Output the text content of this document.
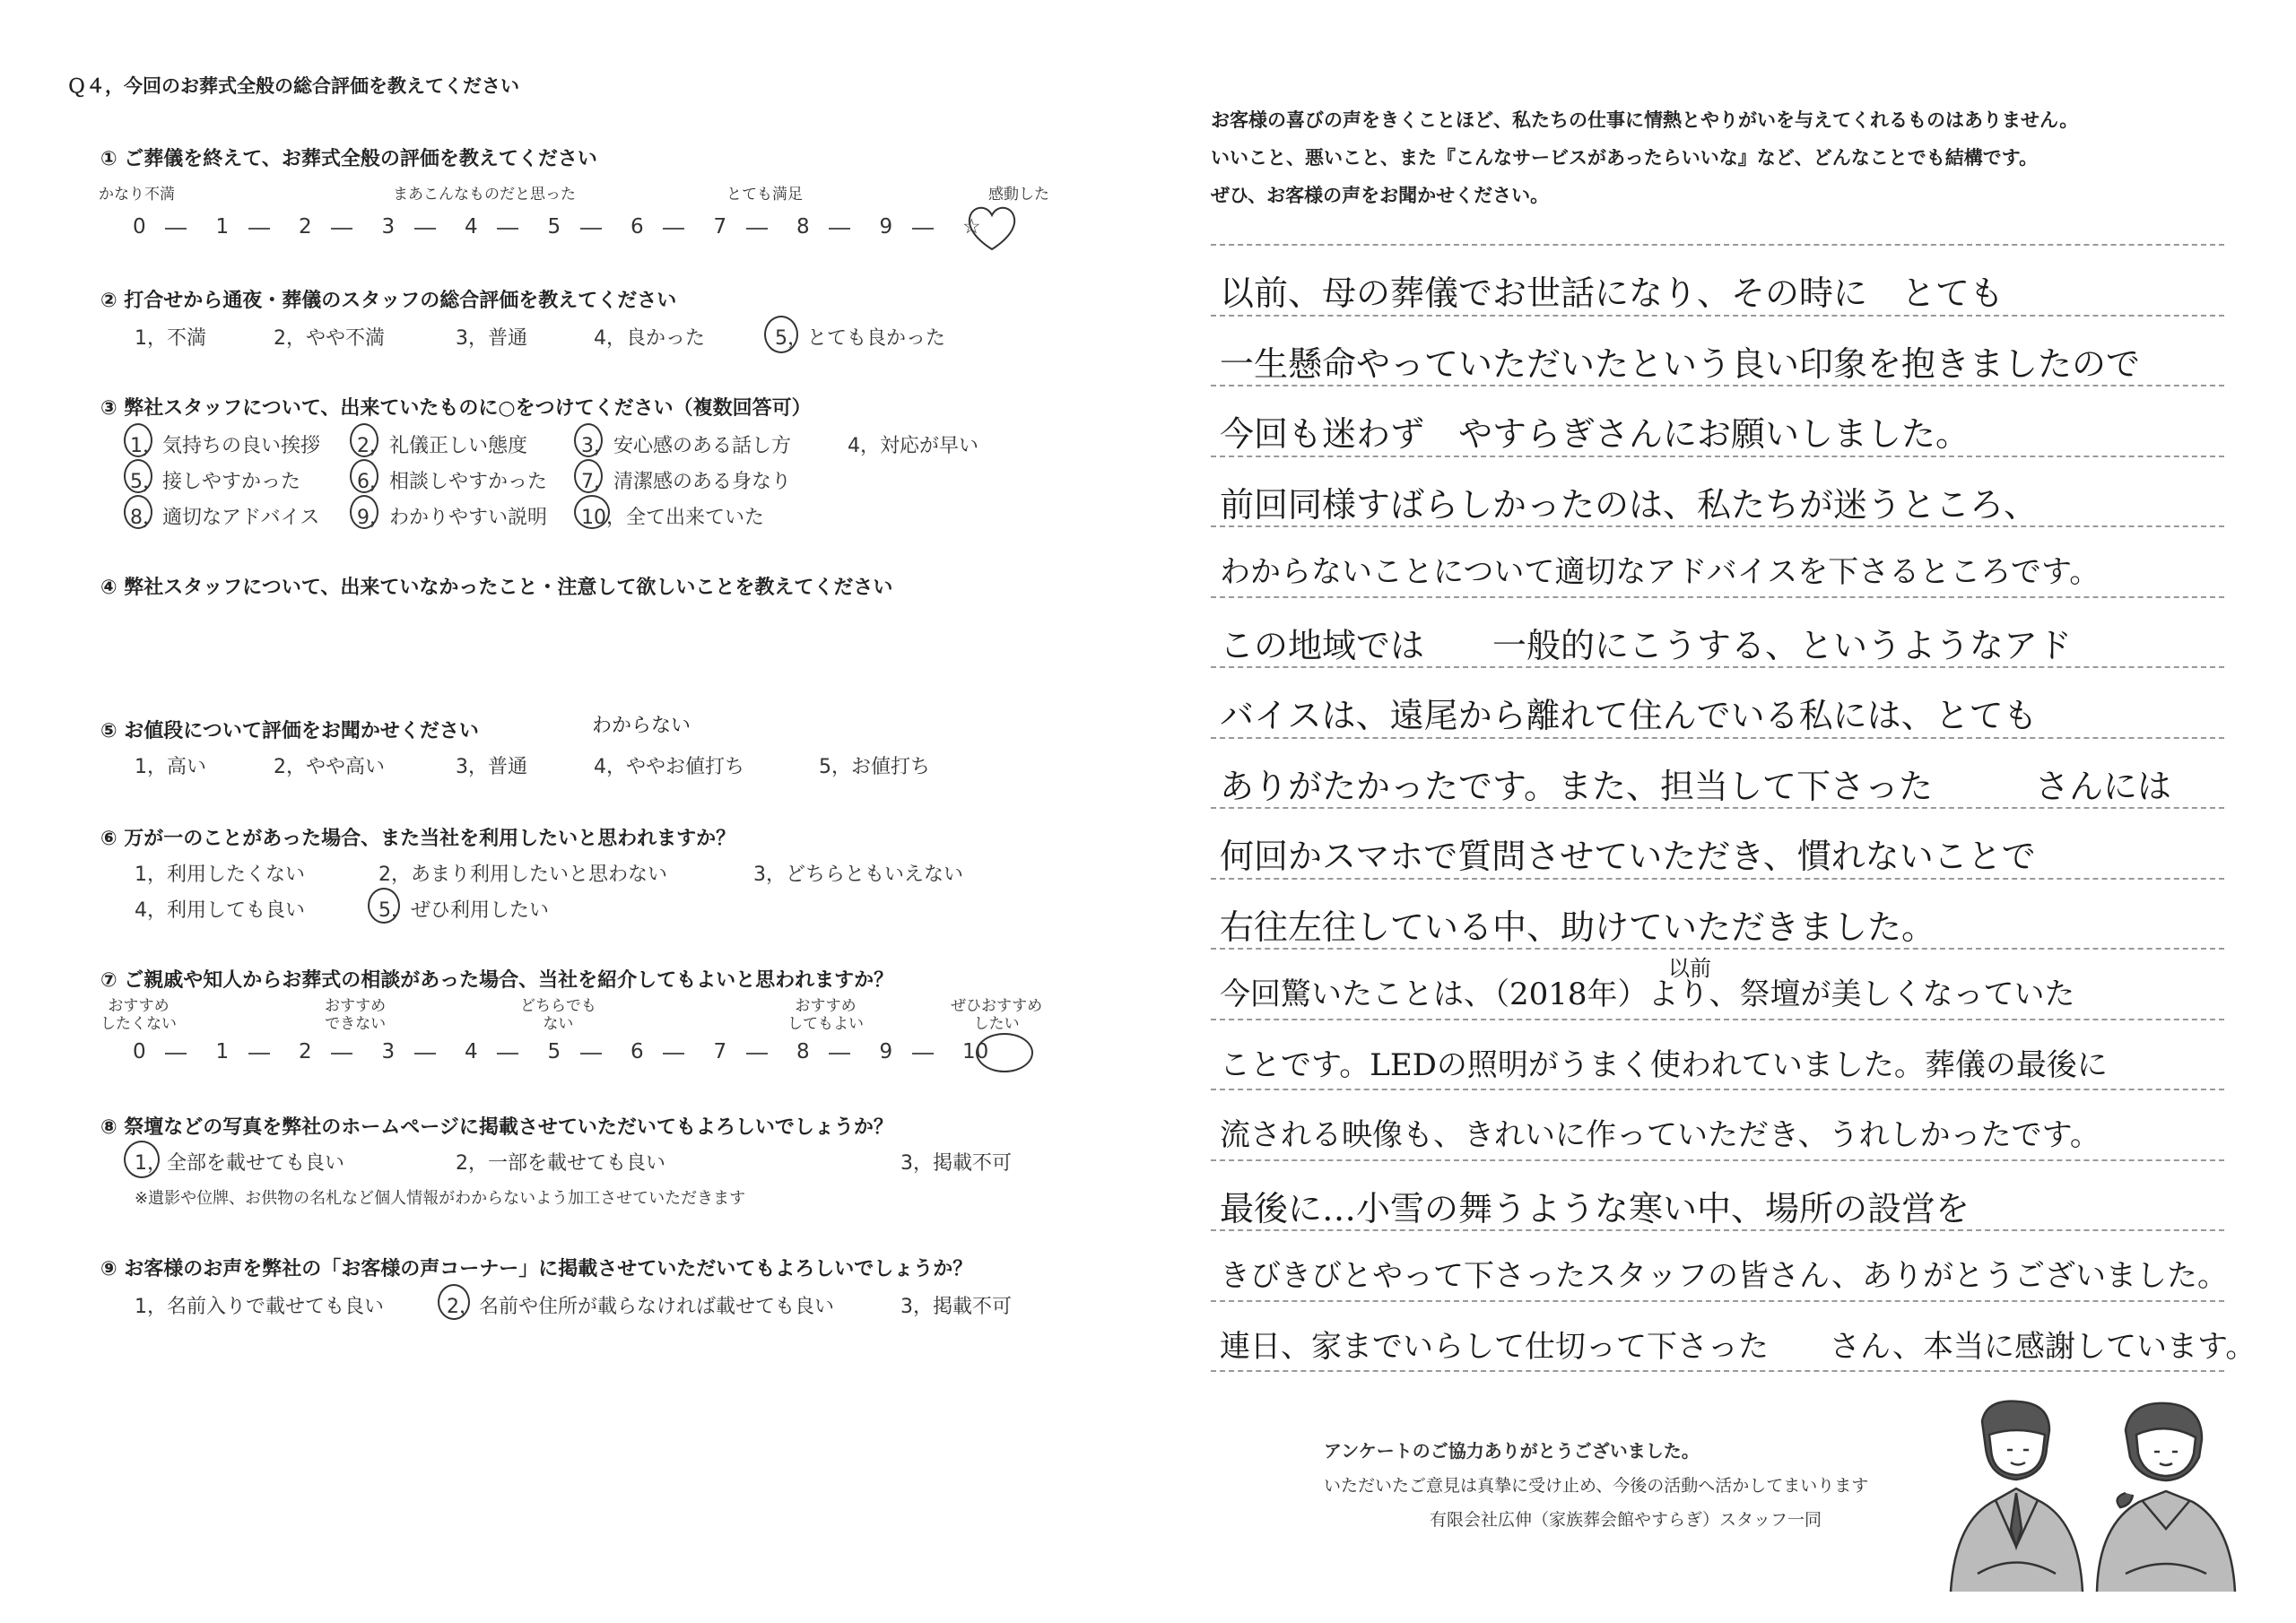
Ｑ４，今回のお葬式全般の総合評価を教えてください
① ご葬儀を終えて、お葬式全般の評価を教えてください
かなり不満	まあこんなものだと思った	とても満足	感動した
0	1	2	3	4	5	6	7	8	9	☆
② 打合せから通夜・葬儀のスタッフの総合評価を教えてください
1，不満	2，やや不満	3，普通	4，良かった	5，とても良かった
③ 弊社スタッフについて、出来ていたものに○をつけてください（複数回答可）
1，気持ちの良い挨拶 2，礼儀正しい態度	3，安心感のある話し方	4，対応が早い
5，接しやすかった	6，相談しやすかった 7，清潔感のある身なり
8，適切なアドバイス 9，わかりやすい説明 10，全て出来ていた
④ 弊社スタッフについて、出来ていなかったこと・注意して欲しいことを教えてください
⑤ お値段について評価をお聞かせください	わからない
1，高い	2，やや高い	3，普通	4，ややお値打ち	5，お値打ち
⑥ 万が一のことがあった場合、また当社を利用したいと思われますか？
1，利用したくない	2，あまり利用したいと思わない	3，どちらともいえない
4，利用しても良い	5，ぜひ利用したい
⑦ ご親戚や知人からお葬式の相談があった場合、当社を紹介してもよいと思われますか？
おすすめ
したくない
おすすめ
できない
どちらでも
ない
おすすめ
してもよい
ぜひおすすめ
したい
0	1	2	3	4	5	6	7	8	9	10
⑧ 祭壇などの写真を弊社のホームページに掲載させていただいてもよろしいでしょうか？
1，全部を載せても良い	2，一部を載せても良い	3，掲載不可
※遺影や位牌、お供物の名札など個人情報がわからないよう加工させていただきます
⑨ お客様のお声を弊社の「お客様の声コーナー」に掲載させていただいてもよろしいでしょうか？
1，名前入りで載せても良い	2，名前や住所が載らなければ載せても良い	3，掲載不可
お客様の喜びの声をきくことほど、私たちの仕事に情熱とやりがいを与えてくれるものはありません。
いいこと、悪いこと、また『こんなサービスがあったらいいな』など、どんなことでも結構です。
ぜひ、お客様の声をお聞かせください。
以前、母の葬儀でお世話になり、その時に　とても
一生懸命やっていただいたという良い印象を抱きましたので
今回も迷わず　やすらぎさんにお願いしました。
前回同様すばらしかったのは、私たちが迷うところ、
わからないことについて適切なアドバイスを下さるところです。
この地域では　　一般的にこうする、というようなアド
バイスは、遠尾から離れて住んでいる私には、とても
ありがたかったです。また、担当して下さった　　　さんには
何回かスマホで質問させていただき、慣れないことで
右往左往している中、助けていただきました。
今回驚いたことは、（2018年）より、祭壇が美しくなっていた
ことです。LEDの照明がうまく使われていました。葬儀の最後に
流される映像も、きれいに作っていただき、うれしかったです。
最後に…小雪の舞うような寒い中、場所の設営を
きびきびとやって下さったスタッフの皆さん、ありがとうございました。
連日、家までいらして仕切って下さった　　さん、本当に感謝しています。
以前
アンケートのご協力ありがとうございました。
いただいたご意見は真摯に受け止め、今後の活動へ活かしてまいります
有限会社広伸（家族葬会館やすらぎ）スタッフ一同
